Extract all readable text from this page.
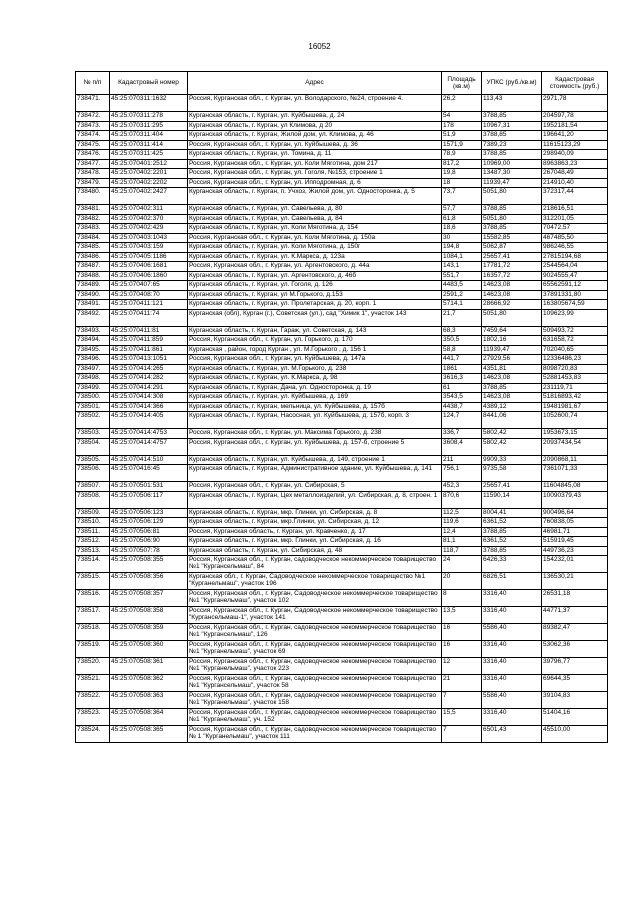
16052
№ п/п	Кадастровый номер	Адрес	Площадь (кв.м)	УПКС (руб./кв.м)	Кадастровая стоимость (руб.)
738471.	45:25:070311:1632	Россия, Курганская обл., г. Курган, ул. Володарского, №24, строение 4.	26,2	113,43	2971,78
738472.	45:25:070311:278	Курганская область, г. Курган, ул. Куйбышева, д. 24	54	3788,85	204597,78
738473.	45:25:070311:295	Курганская область, г. Курган, ул Климова, д 20	178	10967,31	1952181,54
738474.	45:25:070311:404	Курганская область, г. Курган, Жилой дом, ул. Климова, д. 46	51,9	3788,85	196641,20
738475.	45:25:070311:414	Россия, Курганская обл., г. Курган, ул. Куйбышева, д. 36	1571,9	7389,23	11615123,29
738476.	45:25:070311:425	Курганская область, г. Курган, ул. Томина, д. 11	78,9	3788,85	298940,09
738477.	45:25:070401:2512	Россия, Курганская обл., г. Курган, ул. Коли Мяготина, дом 217	817,2	10969,00	8963863,23
738478.	45:25:070402:2201	Россия, Курганская обл., г. Курган, ул. Гоголя, №153, строение 1	19,8	13487,30	267048,49
738479.	45:25:070402:2202	Россия, Курганская обл., г. Курган, ул. Ипподромная, д. 6	18	11939,47	214910,40
738480.	45:25:070402:2427	Курганская область, г. Курган, п. Учхоз, Жилой дом, ул. Односторонка, д. 5	73,7	5051,80	372317,44
738481.	45:25:070402:311	Курганская область, г. Курган, ул. Савельева, д. 80	57,7	3788,85	218616,51
738482.	45:25:070402:370	Курганская область, г. Курган, ул. Савельева, д. 84	61,8	5051,80	312201,05
738483.	45:25:070402:429	Курганская область, г. Курган, ул. Коли Мяготина, д. 154	18,6	3788,85	70472,57
738484.	45:25:070403:1043	Россия, Курганская обл., г. Курган, ул. Коли Мяготина, д. 150а	30	15582,85	467485,50
738485.	45:25:070403:159	Курганская область, г. Курган, ул. Коли Мяготина, д. 150г	194,8	5062,87	986246,55
738486.	45:25:070405:1186	Курганская область, г. Курган, ул. К.Маркса, д. 123а	1084,1	25657,41	27815194,68
738487.	45:25:070406:1681	Россия, Курганская обл., г. Курган, ул. Аргентовского, д. 44а	143,1	17781,72	2544564,04
738488.	45:25:070406:1860	Курганская область, г. Курган, ул. Аргентовского, д. 46б	551,7	16357,72	9024555,47
738489.	45:25:070407:65	Курганская область, г. Курган, ул. Гоголя, д. 126	4483,5	14623,08	65562591,12
738490.	45:25:070408:70	Курганская область, г. Курган, ул М.Горького, д.153	2591,2	14623,08	37891331,80
738491.	45:25:070411:121	Курганская область, г. Курган, ул. Пролетарская, д. 20, корп. 1	5714,1	28666,92	163805674,59
738492.	45:25:070411:74	Курганская (обл), Курган (г.), Советская (ул.), сад "Химик 1", участок 143	21,7	5051,80	109623,99
738493.	45:25:070411:81	Курганская область, г. Курган, Гараж, ул. Советская, д. 143	68,3	7459,64	509493,72
738494.	45:25:070411:859	Россия, Курганская обл., г. Курган, ул. Горького, д. 170	350,5	1802,16	631658,72
738495.	45:25:070411:861	Курганская , район, город Курган , ул. М.Горького , д. 156 1	58,8	11939,47	702040,65
738496.	45:25:070413:1051	Россия, Курганская обл., г. Курган, ул. Куйбышева, д. 147а	441,7	27929,56	12336486,23
738497.	45:25:070414:265	Курганская область, г. Курган, ул. М.Горького, д. 238	1861	4351,81	8098720,83
738498.	45:25:070414:282	Курганская область, г. Курган, ул. К.Маркса, д. 98	3616,3	14623,08	52881453,83
738499.	45:25:070414:291	Курганская область, г. Курган, Дача, ул. Односторонка, д. 19	61	3788,85	231119,71
738500.	45:25:070414:308	Курганская область, г. Курган, ул. Куйбышева, д. 169	3543,5	14623,08	51816893,42
738501.	45:25:070414:366	Курганская область, г. Курган, мельница, ул. Куйбышева, д. 157б	4438,7	4389,12	19481981,67
738502.	45:25:070414:405	Курганская область, г. Курган, Насосная, ул. Куйбышева, д. 157б, корп. 3	124,7	8441,06	1052600,74
738503.	45:25:070414:4753	Россия, Курганская обл., г. Курган, ул. Максима Горького, д. 238	336,7	5802,42	1953673,15
738504.	45:25:070414:4757	Россия, Курганская обл., г. Курган, ул. Куйбышева, д. 157-б, строение 5	3608,4	5802,42	20937434,54
738505.	45:25:070414:510	Курганская область, г. Курган, ул. Куйбышева, д. 149, строение 1	211	9909,33	2090868,11
738506.	45:25:070416:45	Курганская область, г. Курган, Административное здание, ул. Куйбышева, д. 141	756,1	9735,58	7361071,33
738507.	45:25:070501:531	Россия, Курганская обл., г. Курган, ул. Сибирская, 5	452,3	25657,41	11604845,08
738508.	45:25:070506:117	Курганская область, г. Курган, Цех металлоизделий, ул. Сибирская, д. 8, строен. 1	870,6	11590,14	10090379,43
738509.	45:25:070506:123	Курганская область, г. Курган, мкр. Глинки, ул. Сибирская, д. 8	112,5	8004,41	900496,64
738510.	45:25:070506:129	Курганская область, г. Курган, мкр.Глинки, ул. Сибирская, д. 12	119,6	6361,52	760838,05
738511.	45:25:070506:81	Россия, Курганская область, г. Курган, ул. Кравченко, д. 17	12,4	3788,85	46981,71
738512.	45:25:070506:90	Курганская область, г. Курган, мкр. Глинки, ул. Сибирская, д. 16	81,1	6361,52	515919,45
738513.	45:25:070507:78	Курганская область, г. Курган, ул. Сибирская, д. 48	118,7	3788,85	449736,23
738514.	45:25:070508:355	Россия, Курганская обл., г. Курган, садоводческое некоммерческое товарищество №1 "Кургансельмаш", 84	24	6426,33	154232,01
738515.	45:25:070508:356	Курганская обл., г. Курган, Садоводческое некоммерческое товарищество №1 "Курганельмаш", участок 196	20	6826,51	136530,21
738516.	45:25:070508:357	Россия, Курганская обл., г. Курган, Садоводческое некоммерческое товарищество №1 "Курганельмаш", участок 102	8	3316,40	26531,18
738517.	45:25:070508:358	Россия, Курганская обл., г. Курган, Садоводческое некоммерческое товарищество "Курганcельмаш-1", участок 141	13,5	3316,40	44771,37
738518.	45:25:070508:359	Россия, Курганская обл., г. Курган, садоводческое некоммерческое товарищество №1 "Курганcельмаш", 126	16	5586,40	89382,47
738519.	45:25:070508:360	Россия, Курганская обл., г. Курган, садоводческое некоммерческое товарищество №1 "Курганельмаш", участок 69	16	3316,40	53062,36
738520.	45:25:070508:361	Россия, Курганская обл., г. Курган, садоводческое некоммерческое товарищество №1 "Курганельмаш", участок 223	12	3316,40	39796,77
738521.	45:25:070508:362	Россия, Курганская обл., г. Курган, садоводческое некоммерческое товарищество №1 "Кургансельмаш", участок 58	21	3316,40	69644,35
738522.	45:25:070508:363	Россия, Курганская обл., г. Курган, садоводческое некоммерческое товарищество №1 "Курганельмаш", участок 158	7	5586,40	39104,83
738523.	45:25:070508:364	Россия, Курганская обл., г. Курган, садоводческое некоммерческое товарищество №1 "Курганельмаш", уч. 152	15,5	3316,40	51404,16
738524.	45:25:070508:365	Россия, Курганская обл., г. Курган, садоводческое некоммерческое товарищество № 1 "Курганельмаш", участок 111	7	6501,43	45510,00
